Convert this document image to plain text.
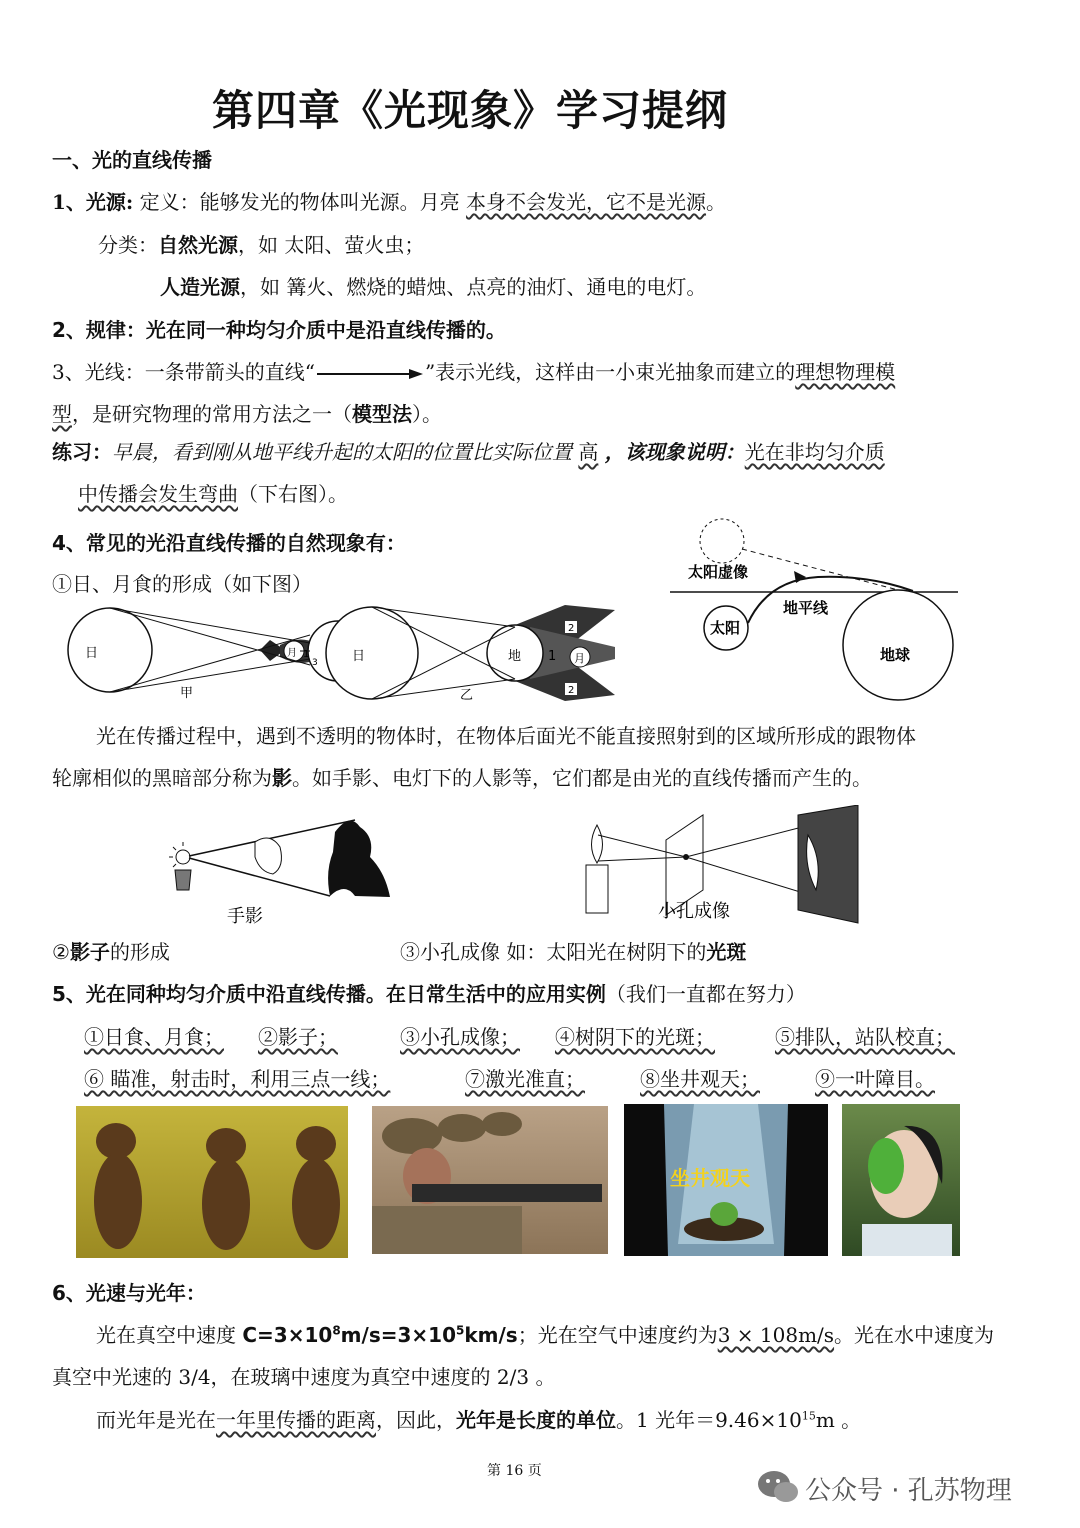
第四章《光现象》学习提纲
一、光的直线传播
1、光源: 定义：能够发光的物体叫光源。月亮 本身不会发光，它不是光源。
分类：自然光源，如 太阳、萤火虫；
人造光源，如 篝火、燃烧的蜡烛、点亮的油灯、通电的电灯。
2、规律：光在同一种均匀介质中是沿直线传播的。
3、光线：一条带箭头的直线“	”表示光线，这样由一小束光抽象而建立的理想物理模
型，是研究物理的常用方法之一（模型法）。
练习：早晨，看到刚从地平线升起的太阳的位置比实际位置 高 ，该现象说明：光在非均匀介质
中传播会发生弯曲（下右图）。
4、常见的光沿直线传播的自然现象有：
①日、月食的形成（如下图）
日	月 1
3
甲
日	地 1 月
2
2
乙
太阳虚像
地平线
太阳
地球
光在传播过程中，遇到不透明的物体时，在物体后面光不能直接照射到的区域所形成的跟物体
轮廓相似的黑暗部分称为影。如手影、电灯下的人影等，它们都是由光的直线传播而产生的。
手影	小孔成像
②影子的形成	③小孔成像 如：太阳光在树阴下的光斑
5、光在同种均匀介质中沿直线传播。在日常生活中的应用实例（我们一直都在努力）
①日食、月食； ②影子；	③小孔成像； ④树阴下的光斑；	⑤排队，站队校直；
⑥ 瞄准，射击时，利用三点一线；	⑦激光准直；	⑧坐井观天；	⑨一叶障目。
坐井观天
6、光速与光年：
光在真空中速度 $C=3\times 10^8m/s=3\times 10^5km/s$；光在空气中速度约为3 × 108m/s。光在水中速度为
真空中光速的 3/4，在玻璃中速度为真空中速度的 2/3 。
而光年是光在一年里传播的距离，因此，光年是长度的单位。1 光年$=9.46\times 10^{15}m$ 。
第 16 页
公众号 · 孔苏物理
